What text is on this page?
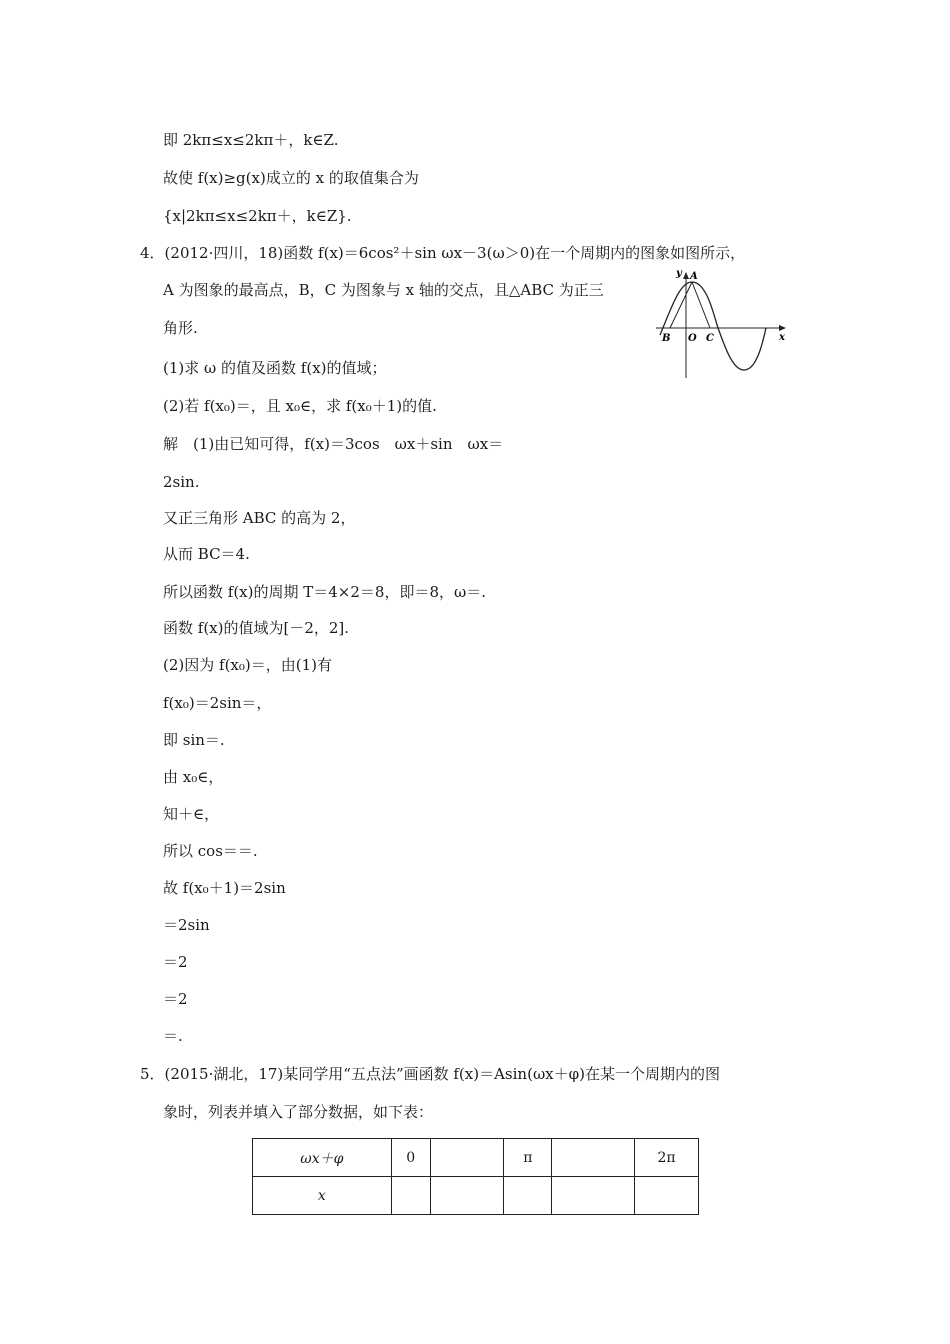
即 2kπ≤x≤2kπ＋，k∈Z.
故使 f(x)≥g(x)成立的 x 的取值集合为
{x|2kπ≤x≤2kπ＋，k∈Z}.
4．(2012·四川，18)函数 f(x)＝6cos²＋sin ωx－3(ω＞0)在一个周期内的图象如图所示，
A 为图象的最高点，B，C 为图象与 x 轴的交点，且△ABC 为正三
角形.
(1)求 ω 的值及函数 f(x)的值域；
(2)若 f(x₀)＝，且 x₀∈，求 f(x₀＋1)的值.
解　(1)由已知可得，f(x)＝3cos　ωx＋sin　ωx＝
2sin.
又正三角形 ABC 的高为 2，
从而 BC＝4.
所以函数 f(x)的周期 T＝4×2＝8，即＝8，ω＝.
函数 f(x)的值域为[－2，2].
(2)因为 f(x₀)＝，由(1)有
f(x₀)＝2sin＝，
即 sin＝.
由 x₀∈，
知＋∈，
所以 cos＝＝.
故 f(x₀＋1)＝2sin
＝2sin
＝2
＝2
＝.
5．(2015·湖北，17)某同学用“五点法”画函数 f(x)＝Asin(ωx＋φ)在某一个周期内的图
象时，列表并填入了部分数据，如下表：
y A
B O C	x
ωx＋φ	0		π		2π
x					
